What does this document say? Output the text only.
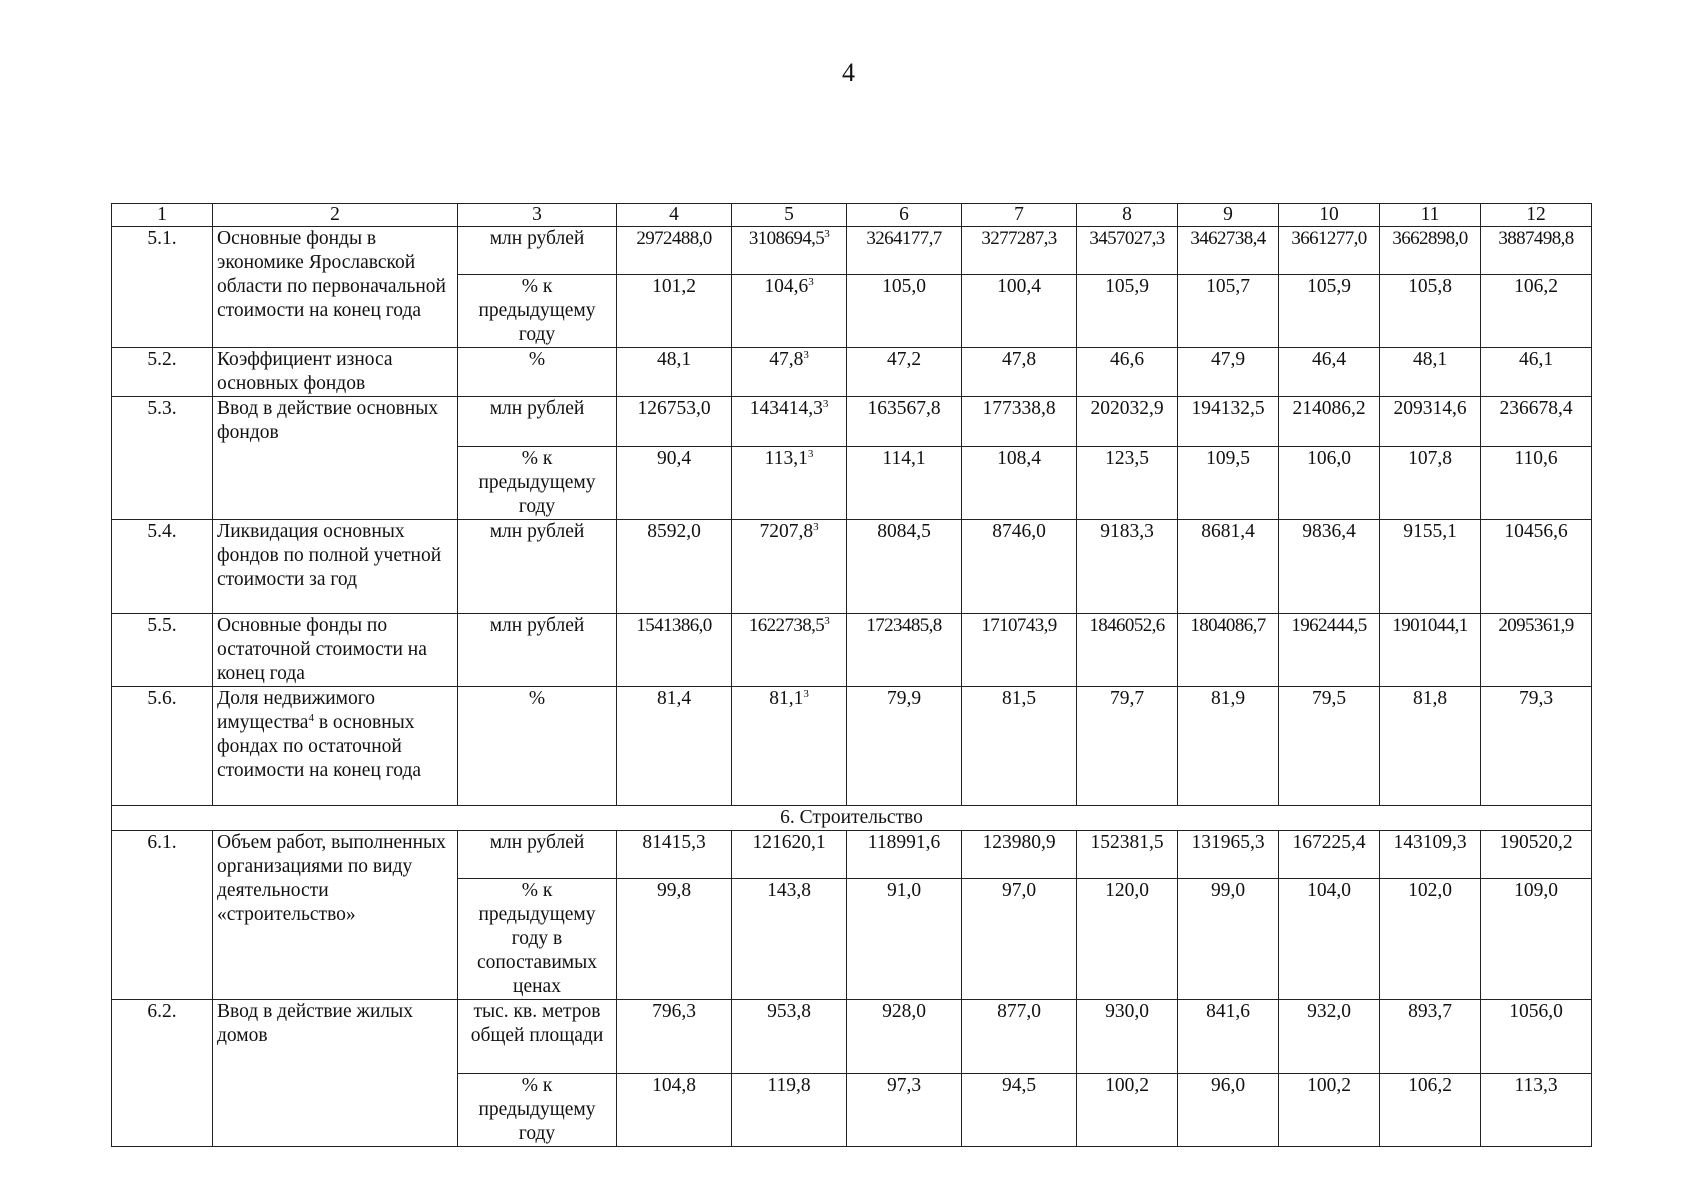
4
1	2	3	4	5	6	7	8	9	10	11	12
5.1.	Основные фонды в экономике Ярославской области по первоначальной стоимости на конец года	млн рублей	2972488,0	3108694,5$^3$	3264177,7	3277287,3	3457027,3	3462738,4	3661277,0	3662898,0	3887498,8
		% к предыдущему году	101,2	104,6$^3$	105,0	100,4	105,9	105,7	105,9	105,8	106,2
5.2.	Коэффициент износа основных фондов	%	48,1	47,8$^3$	47,2	47,8	46,6	47,9	46,4	48,1	46,1
5.3.	Ввод в действие основных фондов	млн рублей	126753,0	143414,3$^3$	163567,8	177338,8	202032,9	194132,5	214086,2	209314,6	236678,4
		% к предыдущему году	90,4	113,1$^3$	114,1	108,4	123,5	109,5	106,0	107,8	110,6
5.4.	Ликвидация основных фондов по полной учетной стоимости за год	млн рублей	8592,0	7207,8$^3$	8084,5	8746,0	9183,3	8681,4	9836,4	9155,1	10456,6
5.5.	Основные фонды по остаточной стоимости на конец года	млн рублей	1541386,0	1622738,5$^3$	1723485,8	1710743,9	1846052,6	1804086,7	1962444,5	1901044,1	2095361,9
5.6.	Доля недвижимого имущества$^4$ в основных фондах по остаточной стоимости на конец года	%	81,4	81,1$^3$	79,9	81,5	79,7	81,9	79,5	81,8	79,3
6. Строительство											
6.1.	Объем работ, выполненных организациями по виду деятельности «строительство»	млн рублей	81415,3	121620,1	118991,6	123980,9	152381,5	131965,3	167225,4	143109,3	190520,2
		% к предыдущему году в сопоставимых ценах	99,8	143,8	91,0	97,0	120,0	99,0	104,0	102,0	109,0
6.2.	Ввод в действие жилых домов	тыс. кв. метров общей площади	796,3	953,8	928,0	877,0	930,0	841,6	932,0	893,7	1056,0
		% к предыдущему году	104,8	119,8	97,3	94,5	100,2	96,0	100,2	106,2	113,3
